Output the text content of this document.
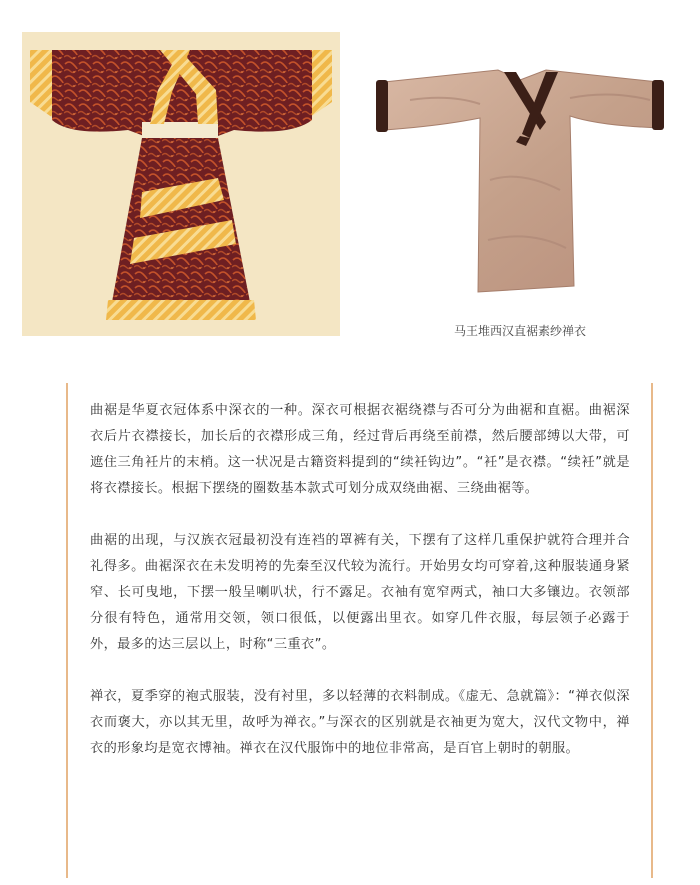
马王堆西汉直裾素纱禅衣

曲裾是华夏衣冠体系中深衣的一种。深衣可根据衣裾绕襟与否可分为曲裾和直裾。曲裾深衣后片衣襟接长，加长后的衣襟形成三角，经过背后再绕至前襟，然后腰部缚以大带，可遮住三角衽片的末梢。这一状况是古籍资料提到的“续衽钩边”。“衽”是衣襟。“续衽”就是将衣襟接长。根据下摆绕的圈数基本款式可划分成双绕曲裾、三绕曲裾等。

曲裾的出现，与汉族衣冠最初没有连裆的罩裤有关，下摆有了这样几重保护就符合理并合礼得多。曲裾深衣在未发明袴的先秦至汉代较为流行。开始男女均可穿着,这种服装通身紧窄、长可曳地，下摆一般呈喇叭状，行不露足。衣袖有宽窄两式，袖口大多镶边。衣领部分很有特色，通常用交领，领口很低，以便露出里衣。如穿几件衣服，每层领子必露于外，最多的达三层以上，时称“三重衣”。

禅衣，夏季穿的袍式服装，没有衬里，多以轻薄的衣料制成。《虚无、急就篇》：“禅衣似深衣而褒大，亦以其无里，故呼为禅衣。”与深衣的区别就是衣袖更为宽大，汉代文物中，禅衣的形象均是宽衣博袖。禅衣在汉代服饰中的地位非常高，是百官上朝时的朝服。
